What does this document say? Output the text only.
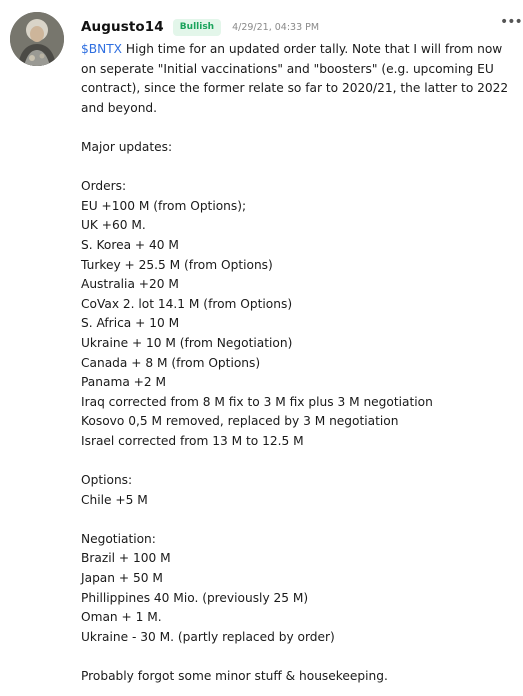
Augusto14	Bullish	4/29/21, 04:33 PM	•••
$BNTX High time for an updated order tally. Note that I will from now on seperate "Initial vaccinations" and "boosters" (e.g. upcoming EU contract), since the former relate so far to 2020/21, the latter to 2022 and beyond.
Major updates:
Orders:
EU +100 M (from Options);
UK +60 M.
S. Korea + 40 M
Turkey + 25.5 M (from Options)
Australia +20 M
CoVax 2. lot 14.1 M (from Options)
S. Africa + 10 M
Ukraine + 10 M (from Negotiation)
Canada + 8 M (from Options)
Panama +2 M
Iraq corrected from 8 M fix to 3 M fix plus 3 M negotiation
Kosovo 0,5 M removed, replaced by 3 M negotiation
Israel corrected from 13 M to 12.5 M
Options:
Chile +5 M
Negotiation:
Brazil + 100 M
Japan + 50 M
Phillippines 40 Mio. (previously 25 M)
Oman + 1 M.
Ukraine - 30 M. (partly replaced by order)
Probably forgot some minor stuff & housekeeping.
